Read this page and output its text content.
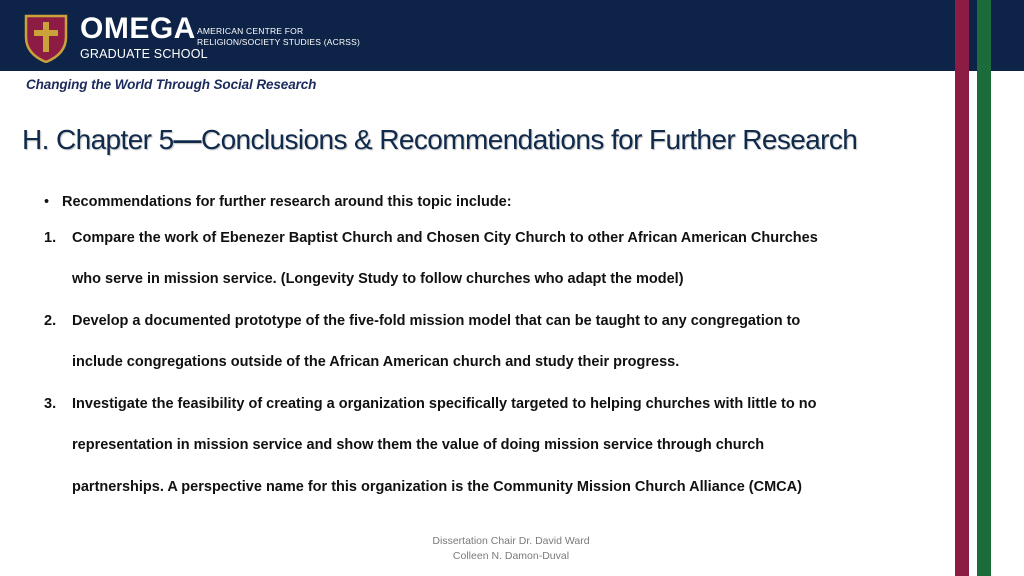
OMEGA
GRADUATE SCHOOL
AMERICAN CENTRE FOR
RELIGION/SOCIETY STUDIES (ACRSS)
Changing the World Through Social Research
H. Chapter 5—Conclusions & Recommendations for Further Research
• Recommendations for further research around this topic include:
1.	Compare the work of Ebenezer Baptist Church and Chosen City Church to other African American Churches
who serve in mission service. (Longevity Study to follow churches who adapt the model)
2.	Develop a documented prototype of the five-fold mission model that can be taught to any congregation to
include congregations outside of the African American church and study their progress.
3.	Investigate the feasibility of creating a organization specifically targeted to helping churches with little to no
representation in mission service and show them the value of doing mission service through church
partnerships. A perspective name for this organization is the Community Mission Church Alliance (CMCA)
Dissertation Chair Dr. David Ward
Colleen N. Damon-Duval
